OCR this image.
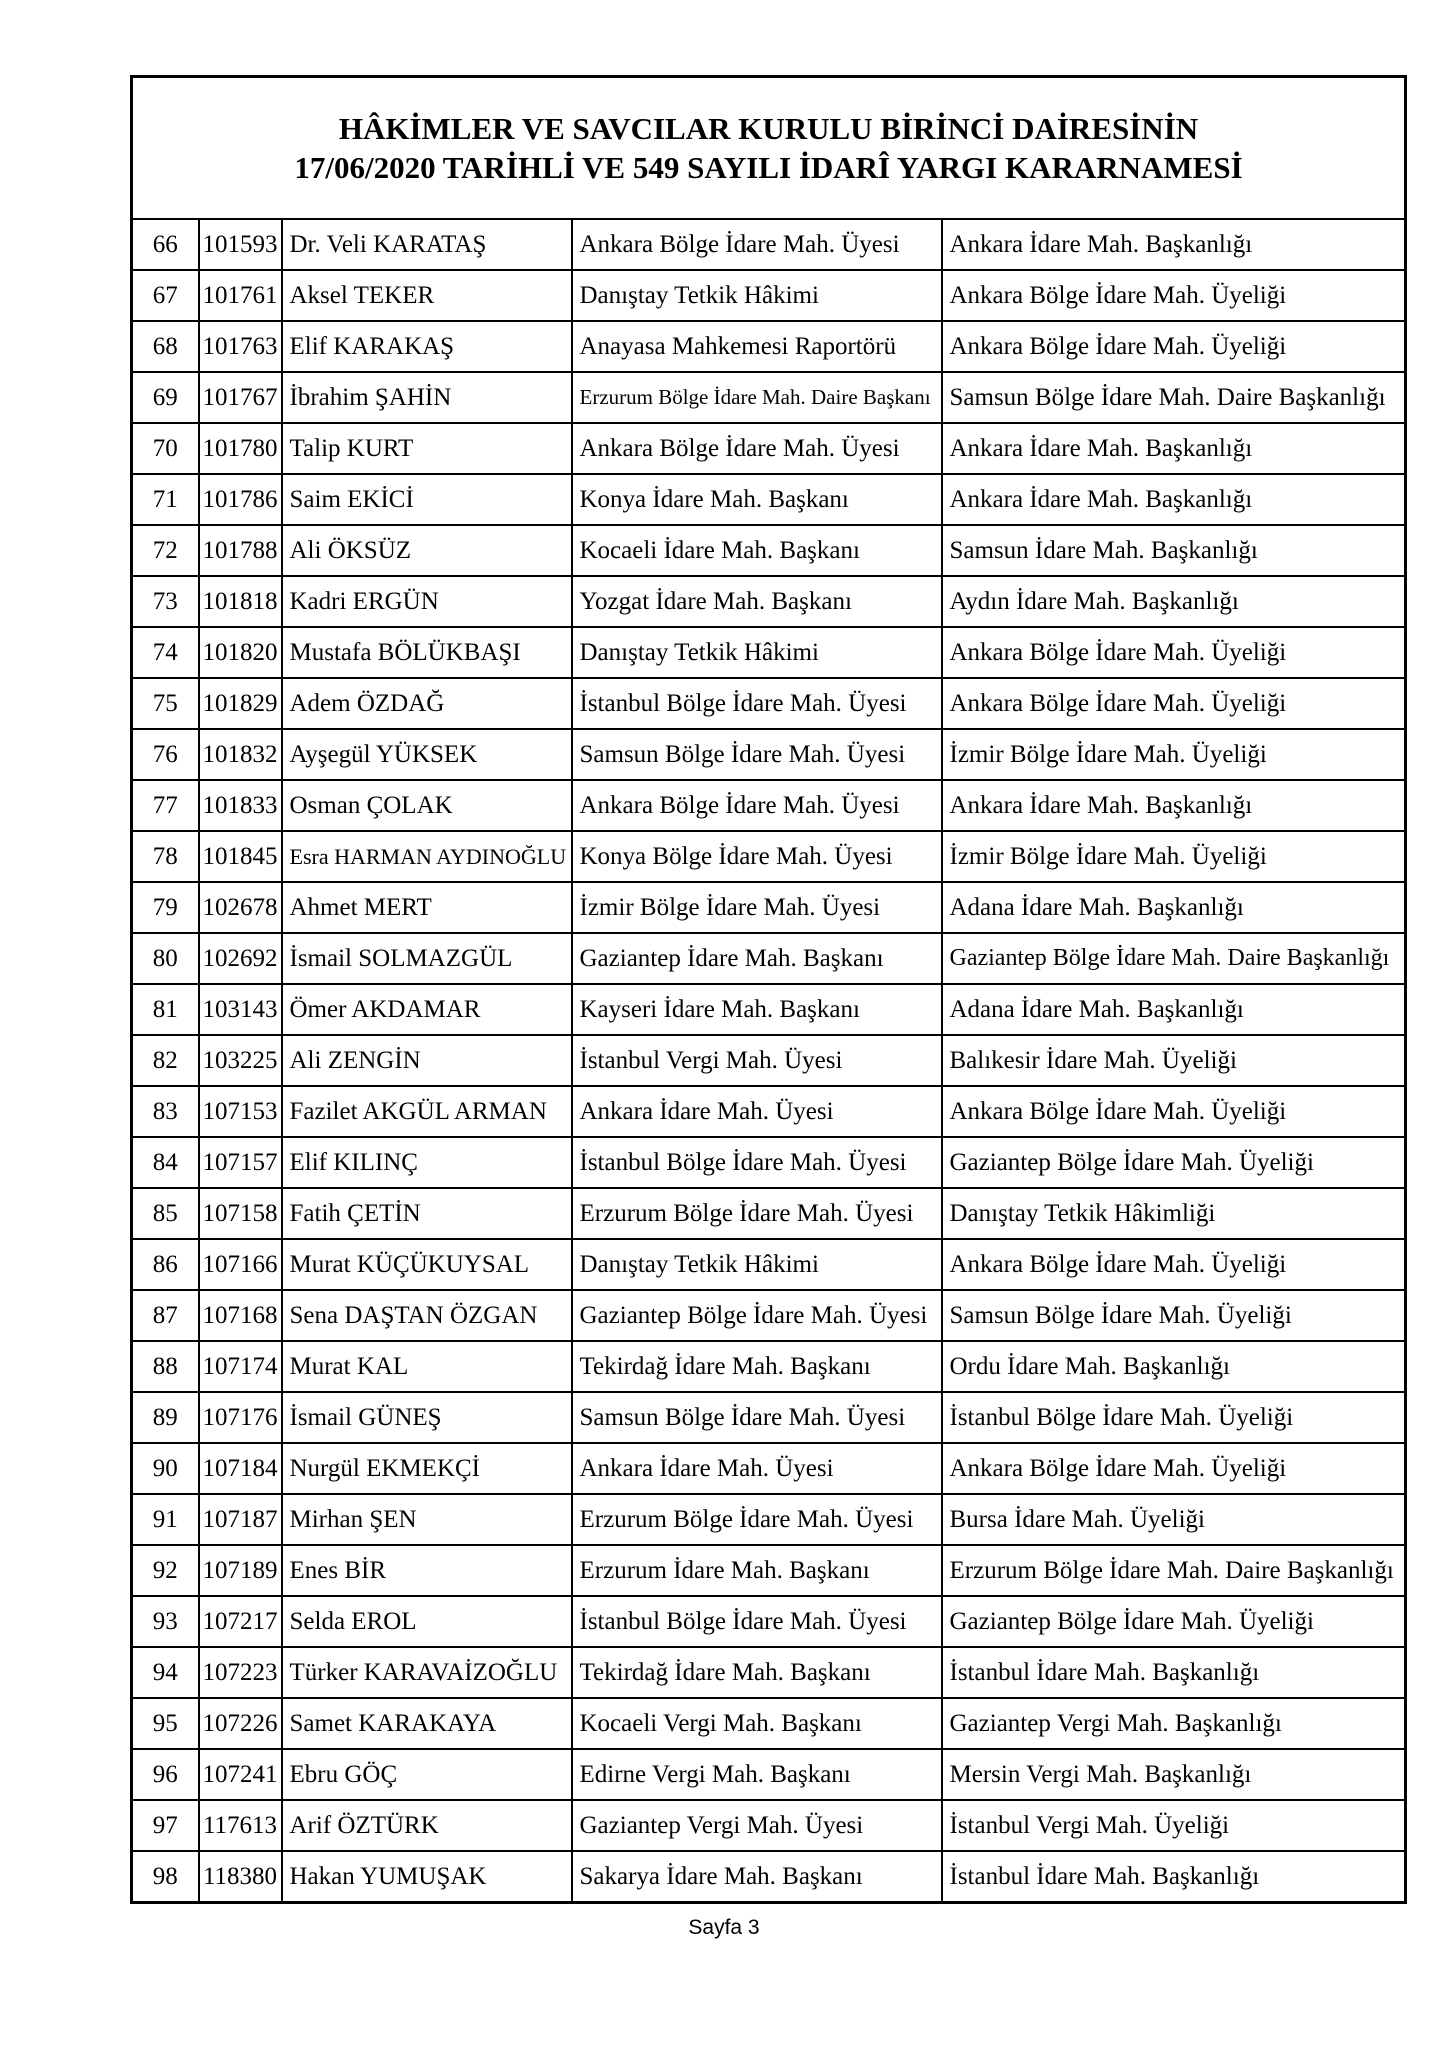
HÂKİMLER VE SAVCILAR KURULU BİRİNCİ DAİRESİNİN
17/06/2020 TARİHLİ VE 549 SAYILI İDARÎ YARGI KARARNAMESİ				

66	101593	Dr. Veli KARATAŞ	Ankara Bölge İdare Mah. Üyesi	Ankara İdare Mah. Başkanlığı
67	101761	Aksel TEKER	Danıştay Tetkik Hâkimi	Ankara Bölge İdare Mah. Üyeliği
68	101763	Elif KARAKAŞ	Anayasa Mahkemesi Raportörü	Ankara Bölge İdare Mah. Üyeliği
69	101767	İbrahim ŞAHİN	Erzurum Bölge İdare Mah. Daire Başkanı	Samsun Bölge İdare Mah. Daire Başkanlığı
70	101780	Talip KURT	Ankara Bölge İdare Mah. Üyesi	Ankara İdare Mah. Başkanlığı
71	101786	Saim EKİCİ	Konya İdare Mah. Başkanı	Ankara İdare Mah. Başkanlığı
72	101788	Ali ÖKSÜZ	Kocaeli İdare Mah. Başkanı	Samsun İdare Mah. Başkanlığı
73	101818	Kadri ERGÜN	Yozgat İdare Mah. Başkanı	Aydın İdare Mah. Başkanlığı
74	101820	Mustafa BÖLÜKBAŞI	Danıştay Tetkik Hâkimi	Ankara Bölge İdare Mah. Üyeliği
75	101829	Adem ÖZDAĞ	İstanbul Bölge İdare Mah. Üyesi	Ankara Bölge İdare Mah. Üyeliği
76	101832	Ayşegül YÜKSEK	Samsun Bölge İdare Mah. Üyesi	İzmir Bölge İdare Mah. Üyeliği
77	101833	Osman ÇOLAK	Ankara Bölge İdare Mah. Üyesi	Ankara İdare Mah. Başkanlığı
78	101845	Esra HARMAN AYDINOĞLU	Konya Bölge İdare Mah. Üyesi	İzmir Bölge İdare Mah. Üyeliği
79	102678	Ahmet MERT	İzmir Bölge İdare Mah. Üyesi	Adana İdare Mah. Başkanlığı
80	102692	İsmail SOLMAZGÜL	Gaziantep İdare Mah. Başkanı	Gaziantep Bölge İdare Mah. Daire Başkanlığı
81	103143	Ömer AKDAMAR	Kayseri İdare Mah. Başkanı	Adana İdare Mah. Başkanlığı
82	103225	Ali ZENGİN	İstanbul Vergi Mah. Üyesi	Balıkesir İdare Mah. Üyeliği
83	107153	Fazilet AKGÜL ARMAN	Ankara İdare Mah. Üyesi	Ankara Bölge İdare Mah. Üyeliği
84	107157	Elif KILINÇ	İstanbul Bölge İdare Mah. Üyesi	Gaziantep Bölge İdare Mah. Üyeliği
85	107158	Fatih ÇETİN	Erzurum Bölge İdare Mah. Üyesi	Danıştay Tetkik Hâkimliği
86	107166	Murat KÜÇÜKUYSAL	Danıştay Tetkik Hâkimi	Ankara Bölge İdare Mah. Üyeliği
87	107168	Sena DAŞTAN ÖZGAN	Gaziantep Bölge İdare Mah. Üyesi	Samsun Bölge İdare Mah. Üyeliği
88	107174	Murat KAL	Tekirdağ İdare Mah. Başkanı	Ordu İdare Mah. Başkanlığı
89	107176	İsmail GÜNEŞ	Samsun Bölge İdare Mah. Üyesi	İstanbul Bölge İdare Mah. Üyeliği
90	107184	Nurgül EKMEKÇİ	Ankara İdare Mah. Üyesi	Ankara Bölge İdare Mah. Üyeliği
91	107187	Mirhan ŞEN	Erzurum Bölge İdare Mah. Üyesi	Bursa İdare Mah. Üyeliği
92	107189	Enes BİR	Erzurum İdare Mah. Başkanı	Erzurum Bölge İdare Mah. Daire Başkanlığı
93	107217	Selda EROL	İstanbul Bölge İdare Mah. Üyesi	Gaziantep Bölge İdare Mah. Üyeliği
94	107223	Türker KARAVAİZOĞLU	Tekirdağ İdare Mah. Başkanı	İstanbul İdare Mah. Başkanlığı
95	107226	Samet KARAKAYA	Kocaeli Vergi Mah. Başkanı	Gaziantep Vergi Mah. Başkanlığı
96	107241	Ebru GÖÇ	Edirne Vergi Mah. Başkanı	Mersin Vergi Mah. Başkanlığı
97	117613	Arif ÖZTÜRK	Gaziantep Vergi Mah. Üyesi	İstanbul Vergi Mah. Üyeliği
98	118380	Hakan YUMUŞAK	Sakarya İdare Mah. Başkanı	İstanbul İdare Mah. Başkanlığı
Sayfa 3
